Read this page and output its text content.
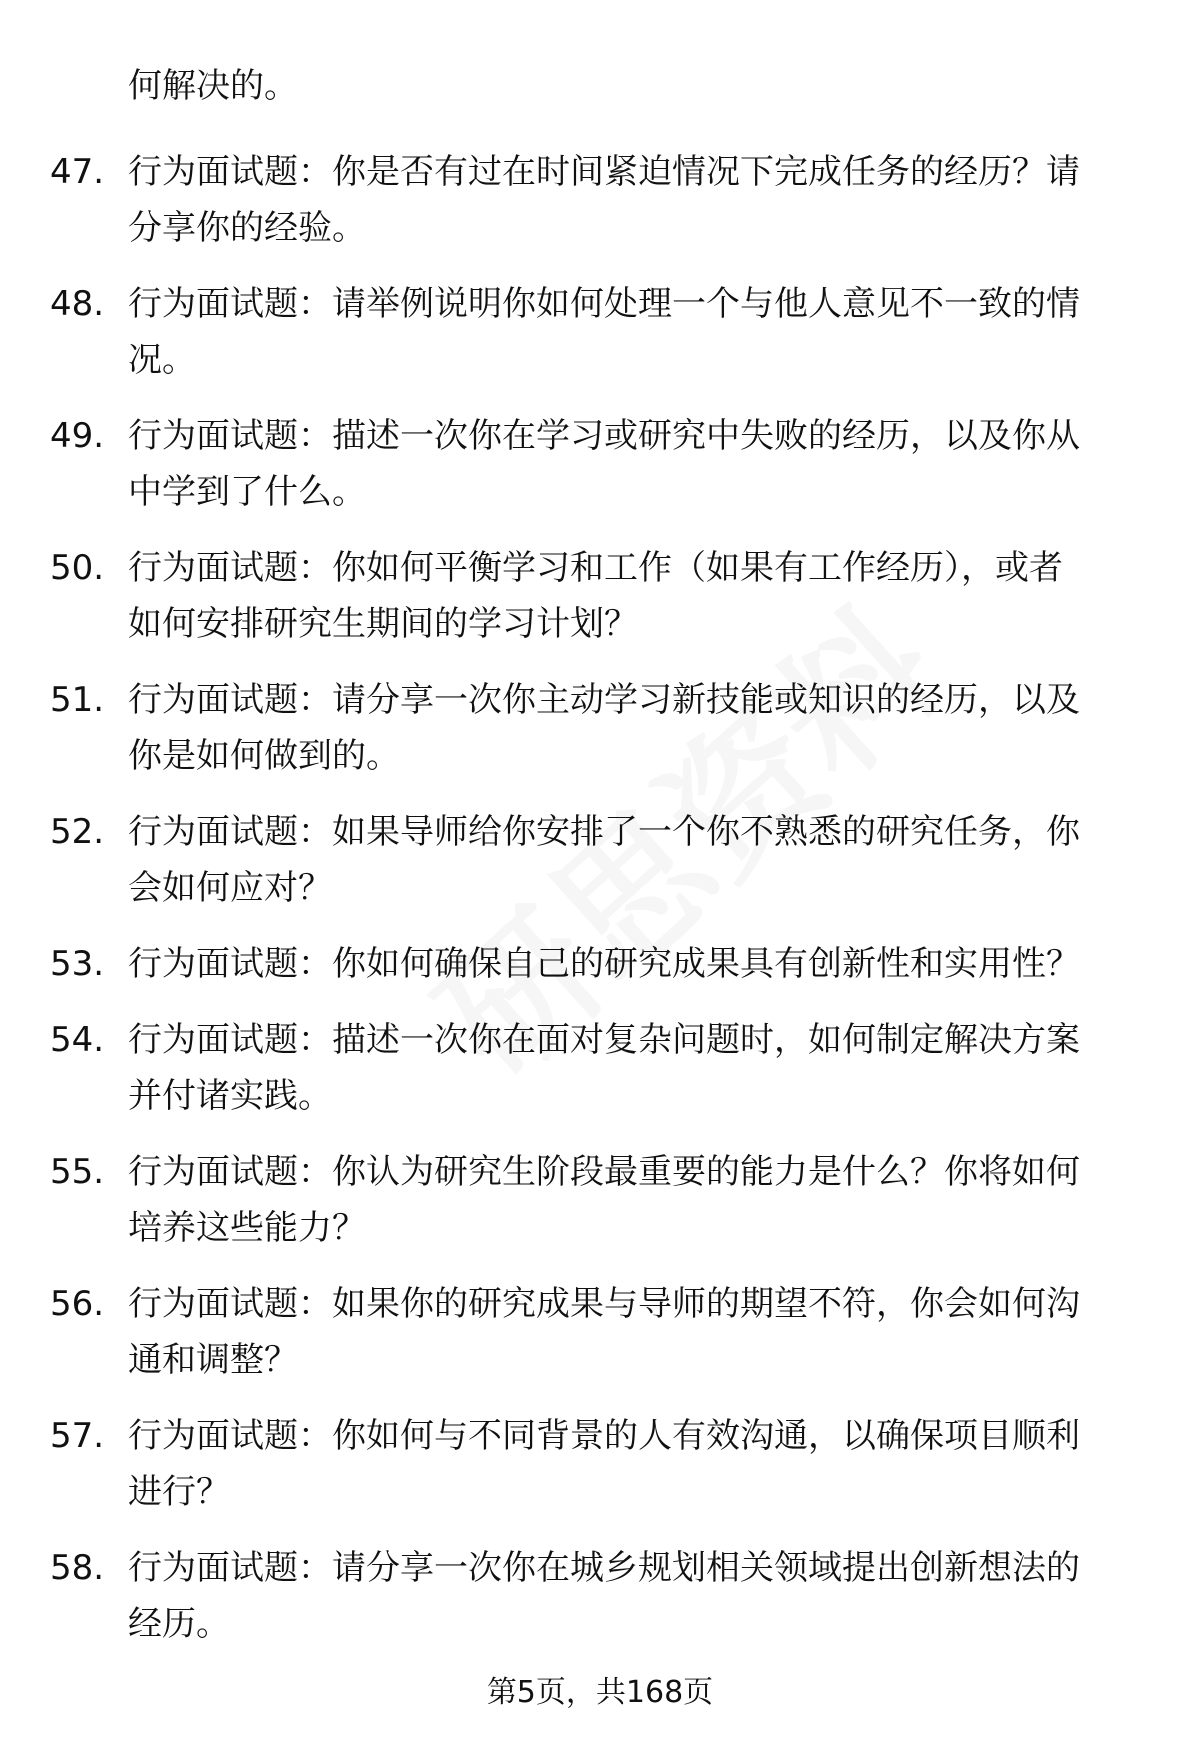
何解决的。
47. 行为面试题：你是否有过在时间紧迫情况下完成任务的经历？请
分享你的经验。
48. 行为面试题：请举例说明你如何处理一个与他人意见不一致的情
况。
49. 行为面试题：描述一次你在学习或研究中失败的经历，以及你从
中学到了什么。
50. 行为面试题：你如何平衡学习和工作（如果有工作经历），或者
如何安排研究生期间的学习计划？
51. 行为面试题：请分享一次你主动学习新技能或知识的经历，以及
你是如何做到的。
52. 行为面试题：如果导师给你安排了一个你不熟悉的研究任务，你
会如何应对？
53. 行为面试题：你如何确保自己的研究成果具有创新性和实用性？
54. 行为面试题：描述一次你在面对复杂问题时，如何制定解决方案
并付诸实践。
55. 行为面试题：你认为研究生阶段最重要的能力是什么？你将如何
培养这些能力？
56. 行为面试题：如果你的研究成果与导师的期望不符，你会如何沟
通和调整？
57. 行为面试题：你如何与不同背景的人有效沟通，以确保项目顺利
进行？
58. 行为面试题：请分享一次你在城乡规划相关领域提出创新想法的
经历。
第5页，共168页
